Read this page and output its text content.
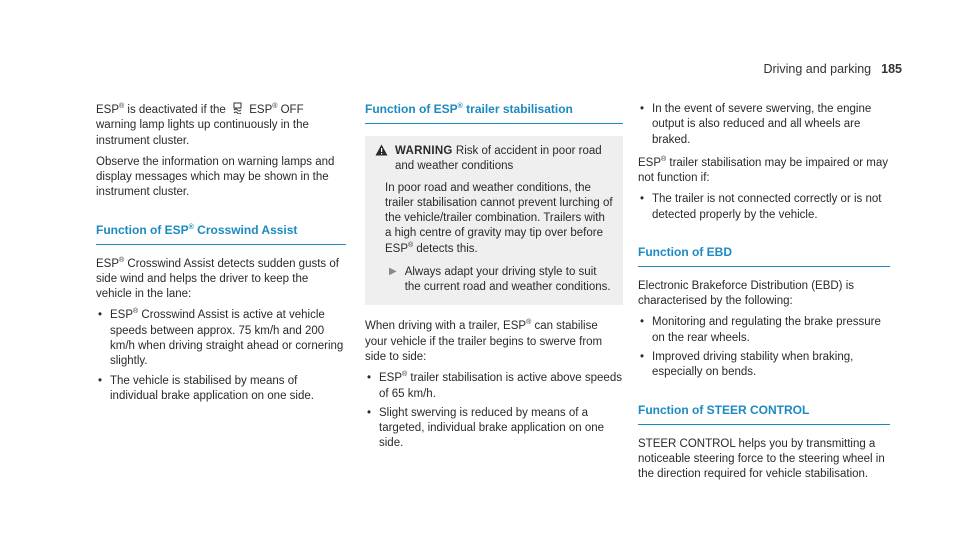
Driving and parking 185

ESP® is deactivated if the  ESP® OFF warning lamp lights up continuously in the instrument cluster.

Observe the information on warning lamps and display messages which may be shown in the instrument cluster.

Function of ESP® Crosswind Assist

ESP® Crosswind Assist detects sudden gusts of side wind and helps the driver to keep the vehicle in the lane:

• ESP® Crosswind Assist is active at vehicle speeds between approx. 75 km/h and 200 km/h when driving straight ahead or cornering slightly.
• The vehicle is stabilised by means of individual brake application on one side.
Function of ESP® trailer stabilisation
WARNING Risk of accident in poor road and weather conditions
In poor road and weather conditions, the trailer stabilisation cannot prevent lurching of the vehicle/trailer combination. Trailers with a high centre of gravity may tip over before ESP® detects this.
▶ Always adapt your driving style to suit the current road and weather conditions.

When driving with a trailer, ESP® can stabilise your vehicle if the trailer begins to swerve from side to side:

• ESP® trailer stabilisation is active above speeds of 65 km/h.
• Slight swerving is reduced by means of a targeted, individual brake application on one side.
• In the event of severe swerving, the engine output is also reduced and all wheels are braked.

ESP® trailer stabilisation may be impaired or may not function if:

• The trailer is not connected correctly or is not detected properly by the vehicle.
Function of EBD

Electronic Brakeforce Distribution (EBD) is characterised by the following:

• Monitoring and regulating the brake pressure on the rear wheels.
• Improved driving stability when braking, especially on bends.
Function of STEER CONTROL

STEER CONTROL helps you by transmitting a noticeable steering force to the steering wheel in the direction required for vehicle stabilisation.
